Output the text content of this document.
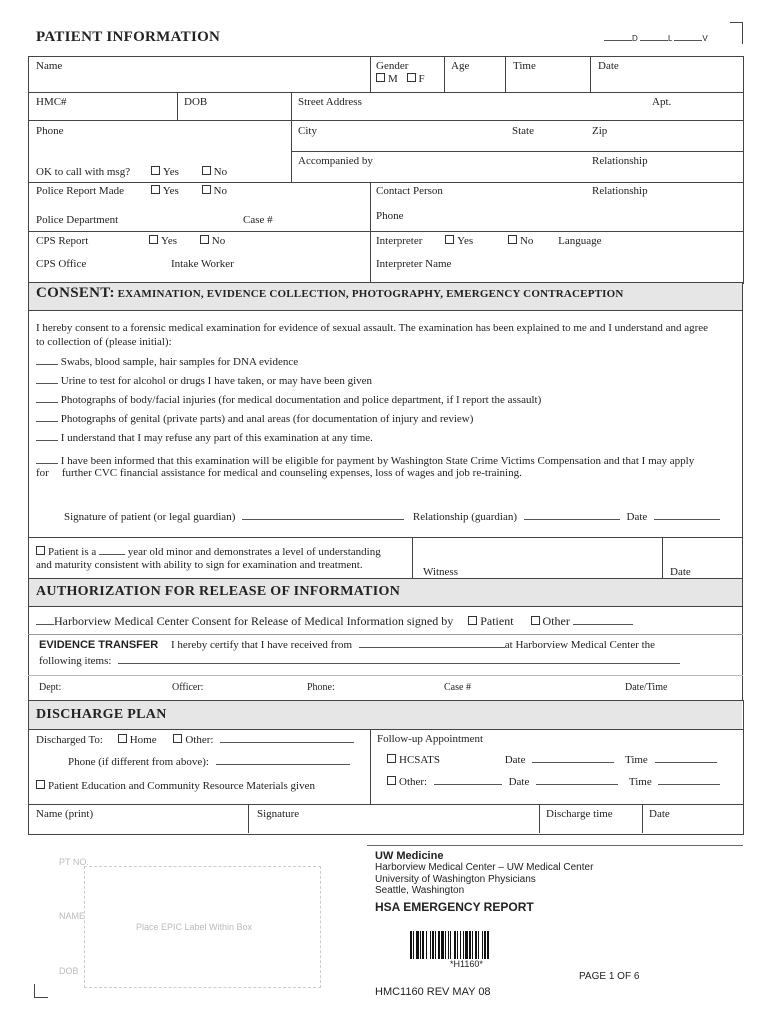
PATIENT INFORMATION	D	L	V
Name	Gender
M F
Age	Time	Date
HMC#	DOB	Street Address	Apt.
Phone	City	State	Zip
Accompanied by	Relationship
OK to call with msg?	Yes	No
Police Report Made	Yes	No	Contact Person	Relationship
Police Department	Case #	Phone
CPS Report	Yes	No	Interpreter	Yes	No Language
CPS Office	Intake Worker	Interpreter Name
CONSENT: EXAMINATION, EVIDENCE COLLECTION, PHOTOGRAPHY, EMERGENCY CONTRACEPTION
I hereby consent to a forensic medical examination for evidence of sexual assault. The examination has been explained to me and I understand and agree
to collection of (please initial):
Swabs, blood sample, hair samples for DNA evidence
Urine to test for alcohol or drugs I have taken, or may have been given
Photographs of body/facial injuries (for medical documentation and police department, if I report the assault)
Photographs of genital (private parts) and anal areas (for documentation of injury and review)
I understand that I may refuse any part of this examination at any time.
I have been informed that this examination will be eligible for payment by Washington State Crime Victims Compensation and that I may apply
for further CVC financial assistance for medical and counseling expenses, loss of wages and job re-training.
Signature of patient (or legal guardian)	Relationship (guardian)	Date
Patient is a	year old minor and demonstrates a level of understanding
and maturity consistent with ability to sign for examination and treatment.
Witness	Date
AUTHORIZATION FOR RELEASE OF INFORMATION
Harborview Medical Center Consent for Release of Medical Information signed by Patient Other
EVIDENCE TRANSFER I hereby certify that I have received from	at Harborview Medical Center the
following items:
Dept:	Officer:	Phone:	Case #	Date/Time
DISCHARGE PLAN
Discharged To: Home	Other:
Phone (if different from above):
Patient Education and Community Resource Materials given
Follow-up Appointment
HCSATS	Date	Time
Other:	Date	Time
Name (print)	Signature	Discharge time	Date
PT NO.
NAME
DOB
Place EPIC Label Within Box
UW Medicine
Harborview Medical Center – UW Medical Center
University of Washington Physicians
Seattle, Washington
HSA EMERGENCY REPORT
*H1160*
PAGE 1 OF 6
HMC1160 REV MAY 08
